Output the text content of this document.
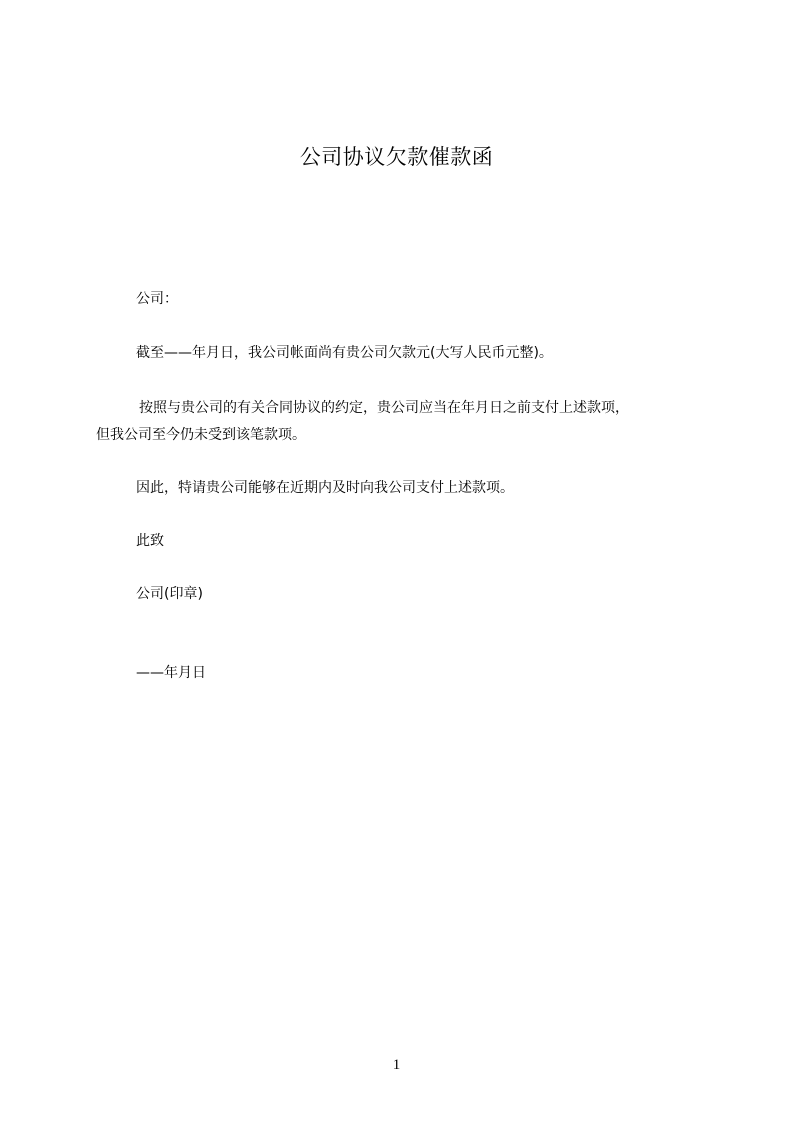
公司协议欠款催款函
公司：
截至——年月日，我公司帐面尚有贵公司欠款元(大写人民币元整)。
按照与贵公司的有关合同协议的约定，贵公司应当在年月日之前支付上述款项，
但我公司至今仍未受到该笔款项。
因此，特请贵公司能够在近期内及时向我公司支付上述款项。
此致
公司(印章)
——年月日
1
